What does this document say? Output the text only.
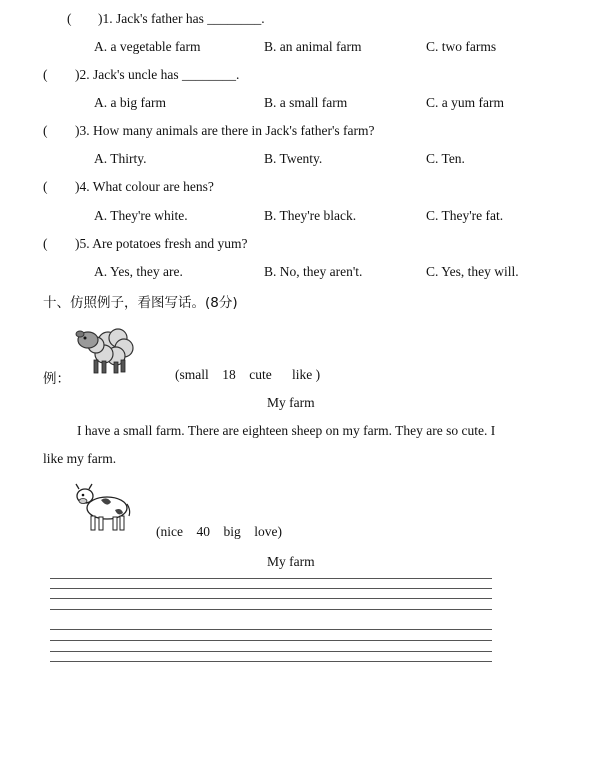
( )1. Jack's father has ________.
A. a vegetable farm	B. an animal farm	C. two farms
( )2. Jack's uncle has ________.
A. a big farm	B. a small farm	C. a yum farm
( )3. How many animals are there in Jack's father's farm?
A. Thirty.	B. Twenty.	C. Ten.
( )4. What colour are hens?
A. They're white.	B. They're black.	C. They're fat.
( )5. Are potatoes fresh and yum?
A. Yes, they are.	B. No, they aren't.	C. Yes, they will.
十、仿照例子，看图写话。(8分)
例：	(small    18    cute      like )
My farm
I have a small farm. There are eighteen sheep on my farm. They are so cute. I
like my farm.
(nice    40    big    love)
My farm
